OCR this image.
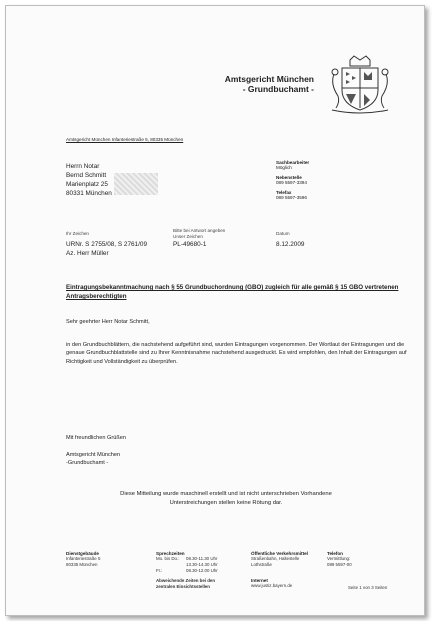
Amtsgericht München
- Grundbuchamt -
Amtsgericht München Infanteriestraße 5, 80335 München
Herrn Notar
Bernd Schmitt
Marienplatz 25
80331 München
Sachbearbeiter
Möglich
Nebenstelle
089 5597-3394
Telefax
089 5597-3596
Ihr Zeichen
URNr. S 2755/08, S 2761/09
Az. Herr Müller
Bitte bei Antwort angeben
Unser Zeichen
PL-49680-1
Datum
8.12.2009
Eintragungsbekanntmachung nach § 55 Grundbuchordnung (GBO) zugleich für alle gemäß § 15 GBO vertretenen Antragsberechtigten
Sehr geehrter Herr Notar Schmitt,
in den Grundbuchblättern, die nachstehend aufgeführt sind, wurden Eintragungen vorgenommen. Der Wortlaut der Eintragungen und die genaue Grundbuchblattstelle sind zu Ihrer Kenntnisnahme nachstehend ausgedruckt. Es wird empfohlen, den Inhalt der Eintragungen auf Richtigkeit und Vollständigkeit zu überprüfen.
Mit freundlichen Grüßen
Amtsgericht München
-Grundbuchamt -
Diese Mitteilung wurde maschinell erstellt und ist nicht unterschrieben Vorhandene Unterstreichungen stellen keine Rötung dar.
Dienstgebäude
Infanteriestraße 5
80335 München
Sprechzeiten
Mo. bis Do.: 08.30-11.30 Uhr
13.30-14.30 Uhr
Fr.:	08.30-12.00 Uhr
Abweichende Zeiten bei den
zentralen Einsichtsstellen
Öffentliche Verkehrsmittel
Straßenbahn, Haltestelle
Lothstraße
Internet
www.justiz.bayern.de
Telefon
Vermittlung:
089 5597-00
Seite 1 von 3 Seiten
